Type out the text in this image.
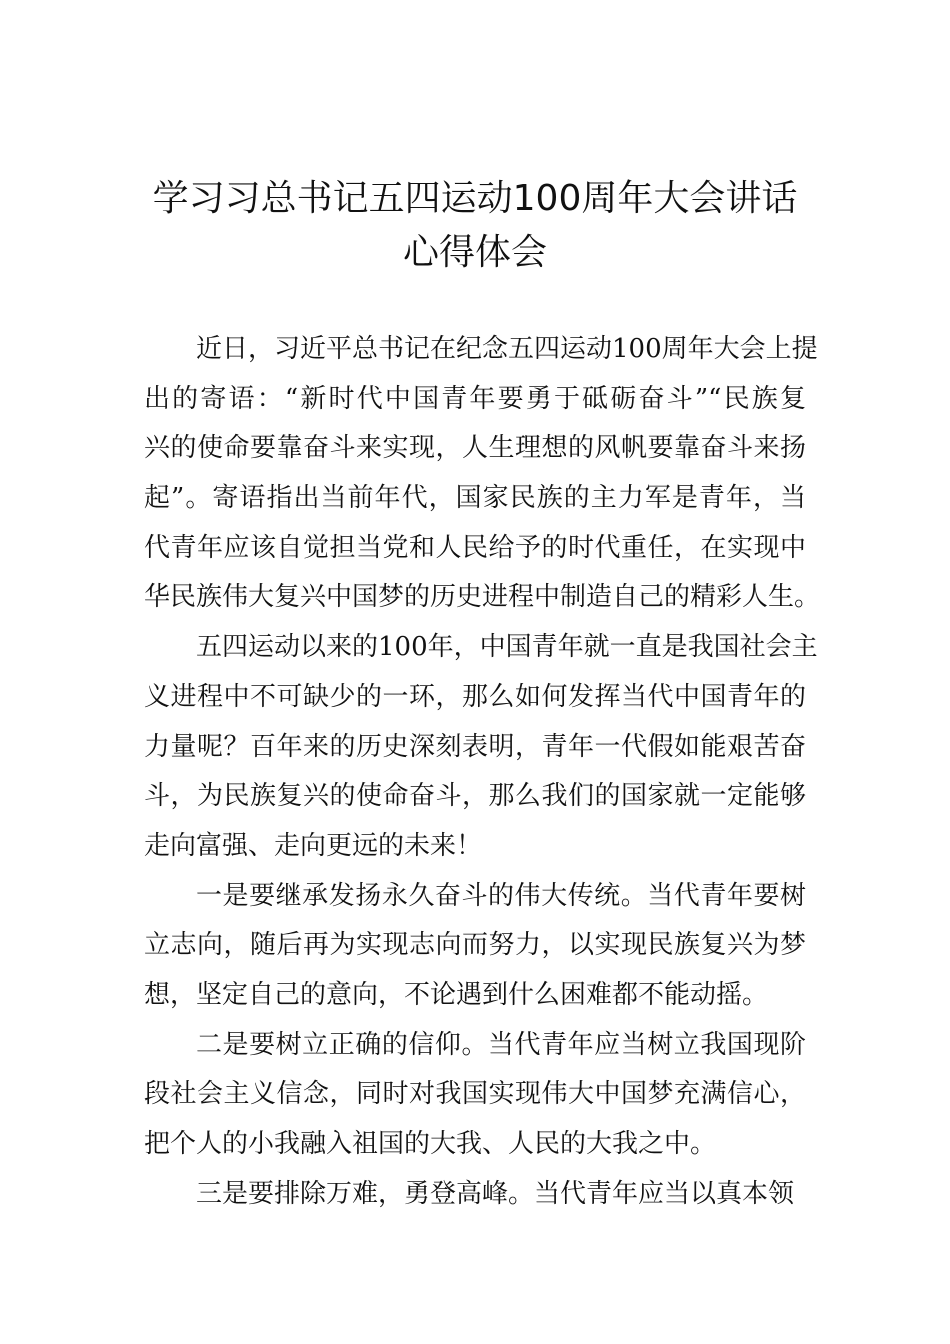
学习习总书记五四运动100周年大会讲话
心得体会
近日，习近平总书记在纪念五四运动100周年大会上提
出的寄语：“新时代中国青年要勇于砥砺奋斗”“民族复
兴的使命要靠奋斗来实现，人生理想的风帆要靠奋斗来扬
起”。寄语指出当前年代，国家民族的主力军是青年，当
代青年应该自觉担当党和人民给予的时代重任，在实现中
华民族伟大复兴中国梦的历史进程中制造自己的精彩人生。
五四运动以来的100年，中国青年就一直是我国社会主
义进程中不可缺少的一环，那么如何发挥当代中国青年的
力量呢？百年来的历史深刻表明，青年一代假如能艰苦奋
斗，为民族复兴的使命奋斗，那么我们的国家就一定能够
走向富强、走向更远的未来！
一是要继承发扬永久奋斗的伟大传统。当代青年要树
立志向，随后再为实现志向而努力，以实现民族复兴为梦
想，坚定自己的意向，不论遇到什么困难都不能动摇。
二是要树立正确的信仰。当代青年应当树立我国现阶
段社会主义信念，同时对我国实现伟大中国梦充满信心，
把个人的小我融入祖国的大我、人民的大我之中。
三是要排除万难，勇登高峰。当代青年应当以真本领
